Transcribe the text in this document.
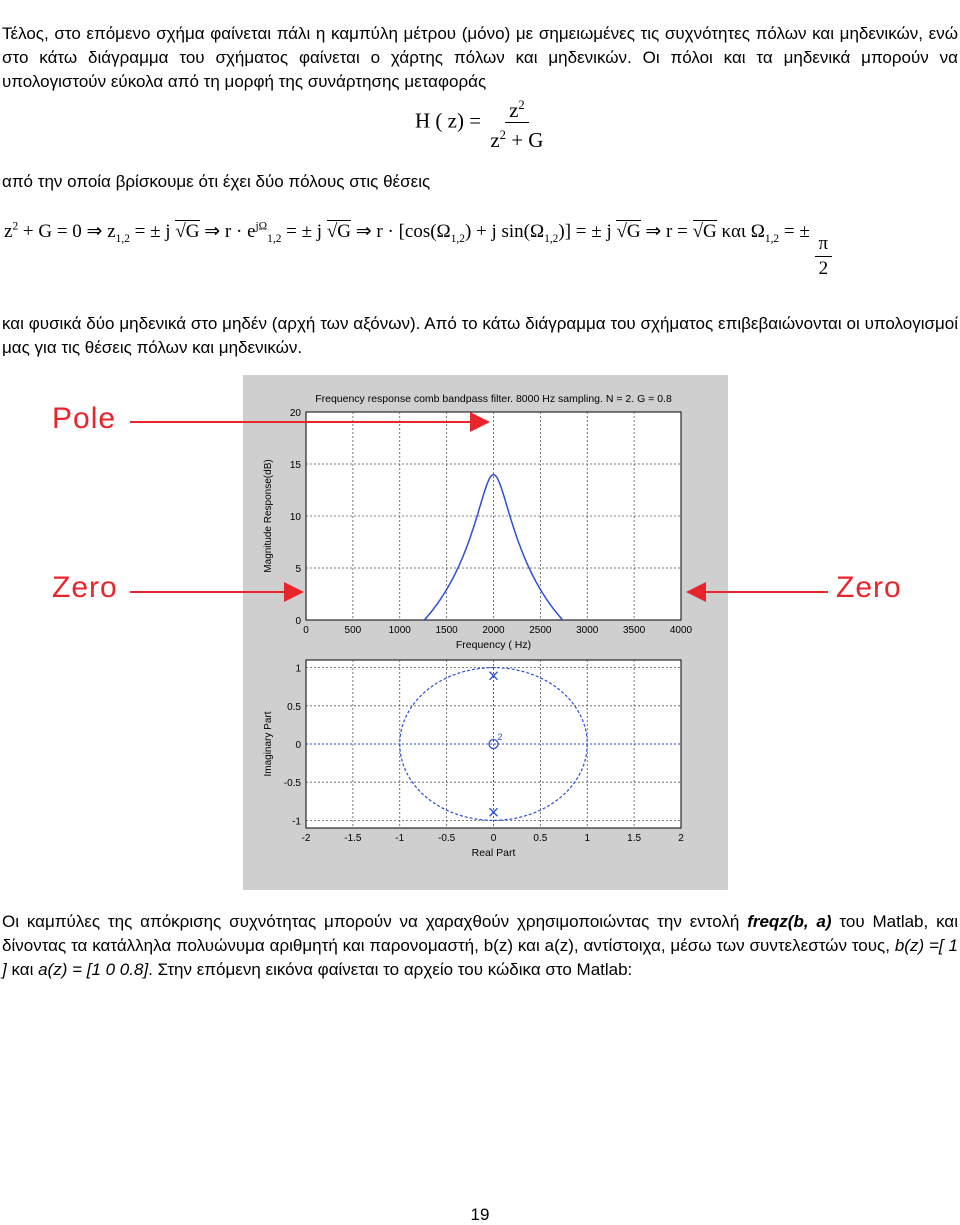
Τέλος, στο επόμενο σχήμα φαίνεται πάλι η καμπύλη μέτρου (μόνο) με σημειωμένες τις συχνότητες πόλων και μηδενικών, ενώ στο κάτω διάγραμμα του σχήματος φαίνεται ο χάρτης πόλων και μηδενικών. Οι πόλοι και τα μηδενικά μπορούν να υπολογιστούν εύκολα από τη μορφή της συνάρτησης μεταφοράς

H ( $z) = \frac{z^2}{z^2 + G}$

από την οποία βρίσκουμε ότι έχει δύο πόλους στις θέσεις

$z^2 + G = 0$ ⇒ $z_{1,2}$ = ± j √G ⇒ $r \cdot e^{j\Omega}_{1,2}$ = ± j √G ⇒ $r \cdot [\cos(\Omega_{1,2}) + j$ $\sin(\Omega_{1,2})$] = ± j √G ⇒ r = √G και $\Omega_{1,2}$ = ±
$\frac{\pi}{2}$

και φυσικά δύο μηδενικά στο μηδέν (αρχή των αξόνων). Από το κάτω διάγραμμα του σχήματος επιβεβαιώνονται οι υπολογισμοί μας για τις θέσεις πόλων και μηδενικών.

0	500	1000 1500 2000 2500 3000 3500 4000
0
5
10
15
20
Frequency response comb bandpass filter. 8000 Hz sampling. N = 2. G = 0.8
Frequency ( Hz)
Magnitude Response(dB)
-2	-1.5	-1	-0.5	0	0.5	1	1.5	2
-1
-0.5
0
0.5
1
Real Part
Imaginary Part	2
Pole
Zero	Zero

Οι καμπύλες της απόκρισης συχνότητας μπορούν να χαραχθούν χρησιμοποιώντας την εντολή freqz(b, a) του Matlab, και δίνοντας τα κατάλληλα πολυώνυμα αριθμητή και παρονομαστή, b(z) και a(z), αντίστοιχα, μέσω των συντελεστών τους, b(z) =[ 1 ] και a(z) = [1 0 0.8]. Στην επόμενη εικόνα φαίνεται το αρχείο του κώδικα στο Matlab:

19
